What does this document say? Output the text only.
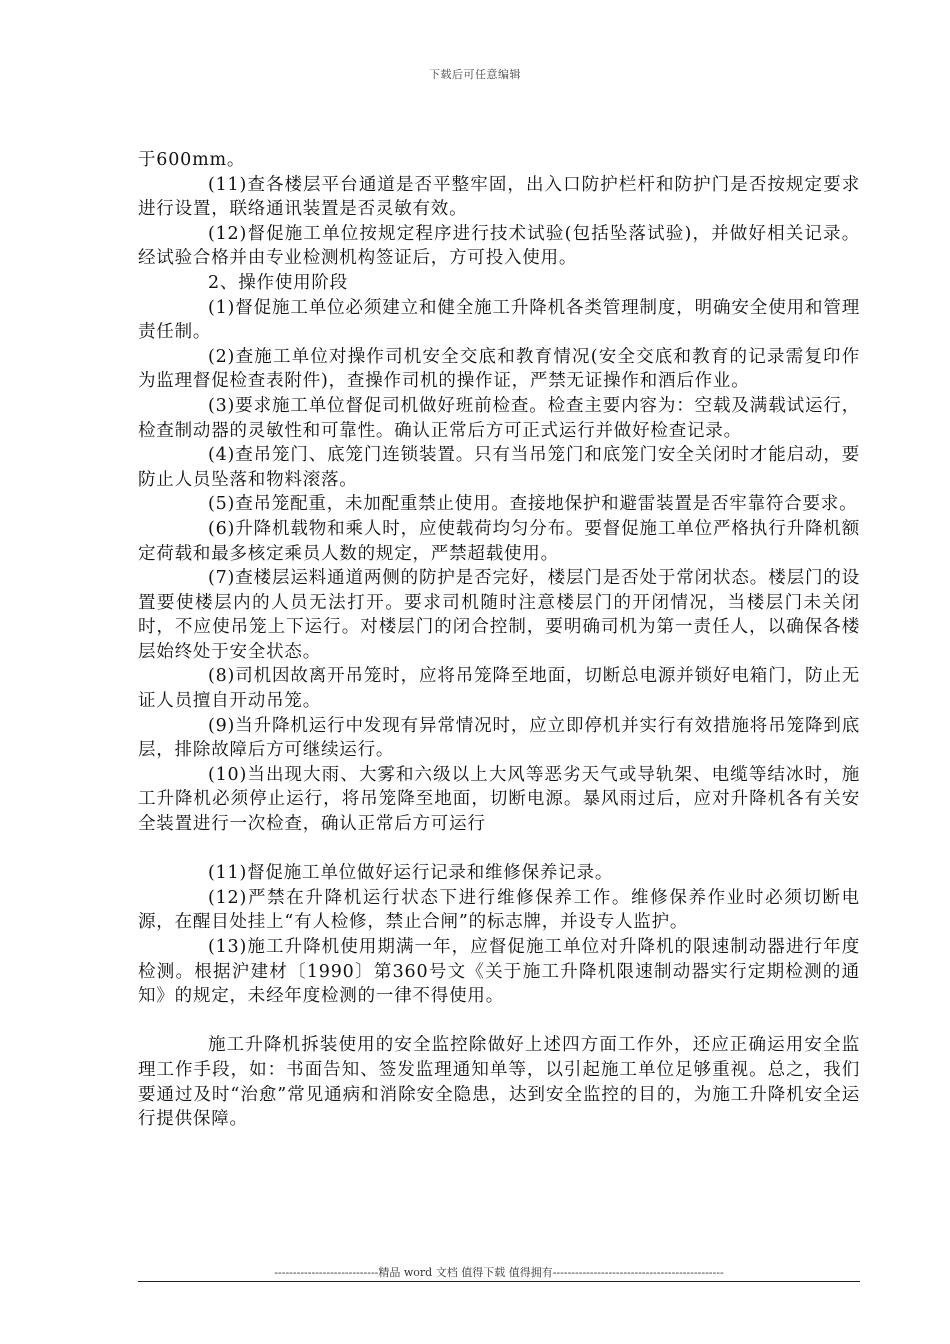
下载后可任意编辑

于600mm。

(11)查各楼层平台通道是否平整牢固，出入口防护栏杆和防护门是否按规定要求进行设置，联络通讯装置是否灵敏有效。

(12)督促施工单位按规定程序进行技术试验(包括坠落试验)，并做好相关记录。经试验合格并由专业检测机构签证后，方可投入使用。

2、操作使用阶段

(1)督促施工单位必须建立和健全施工升降机各类管理制度，明确安全使用和管理责任制。

(2)查施工单位对操作司机安全交底和教育情况(安全交底和教育的记录需复印作为监理督促检查表附件)，查操作司机的操作证，严禁无证操作和酒后作业。

(3)要求施工单位督促司机做好班前检查。检查主要内容为：空载及满载试运行，检查制动器的灵敏性和可靠性。确认正常后方可正式运行并做好检查记录。

(4)查吊笼门、底笼门连锁装置。只有当吊笼门和底笼门安全关闭时才能启动，要防止人员坠落和物料滚落。

(5)查吊笼配重，未加配重禁止使用。查接地保护和避雷装置是否牢靠符合要求。

(6)升降机载物和乘人时，应使载荷均匀分布。要督促施工单位严格执行升降机额定荷载和最多核定乘员人数的规定，严禁超载使用。

(7)查楼层运料通道两侧的防护是否完好，楼层门是否处于常闭状态。楼层门的设置要使楼层内的人员无法打开。要求司机随时注意楼层门的开闭情况，当楼层门未关闭时，不应使吊笼上下运行。对楼层门的闭合控制，要明确司机为第一责任人，以确保各楼层始终处于安全状态。

(8)司机因故离开吊笼时，应将吊笼降至地面，切断总电源并锁好电箱门，防止无证人员擅自开动吊笼。

(9)当升降机运行中发现有异常情况时，应立即停机并实行有效措施将吊笼降到底层，排除故障后方可继续运行。

(10)当出现大雨、大雾和六级以上大风等恶劣天气或导轨架、电缆等结冰时，施工升降机必须停止运行，将吊笼降至地面，切断电源。暴风雨过后，应对升降机各有关安全装置进行一次检查，确认正常后方可运行

(11)督促施工单位做好运行记录和维修保养记录。

(12)严禁在升降机运行状态下进行维修保养工作。维修保养作业时必须切断电源，在醒目处挂上“有人检修，禁止合闸”的标志牌，并设专人监护。

(13)施工升降机使用期满一年，应督促施工单位对升降机的限速制动器进行年度检测。根据沪建材〔1990〕第360号文《关于施工升降机限速制动器实行定期检测的通知》的规定，未经年度检测的一律不得使用。

施工升降机拆装使用的安全监控除做好上述四方面工作外，还应正确运用安全监理工作手段，如：书面告知、签发监理通知单等，以引起施工单位足够重视。总之，我们要通过及时“治愈”常见通病和消除安全隐患，达到安全监控的目的，为施工升降机安全运行提供保障。

----------------------------精品 word 文档 值得下载 值得拥有----------------------------------------------
